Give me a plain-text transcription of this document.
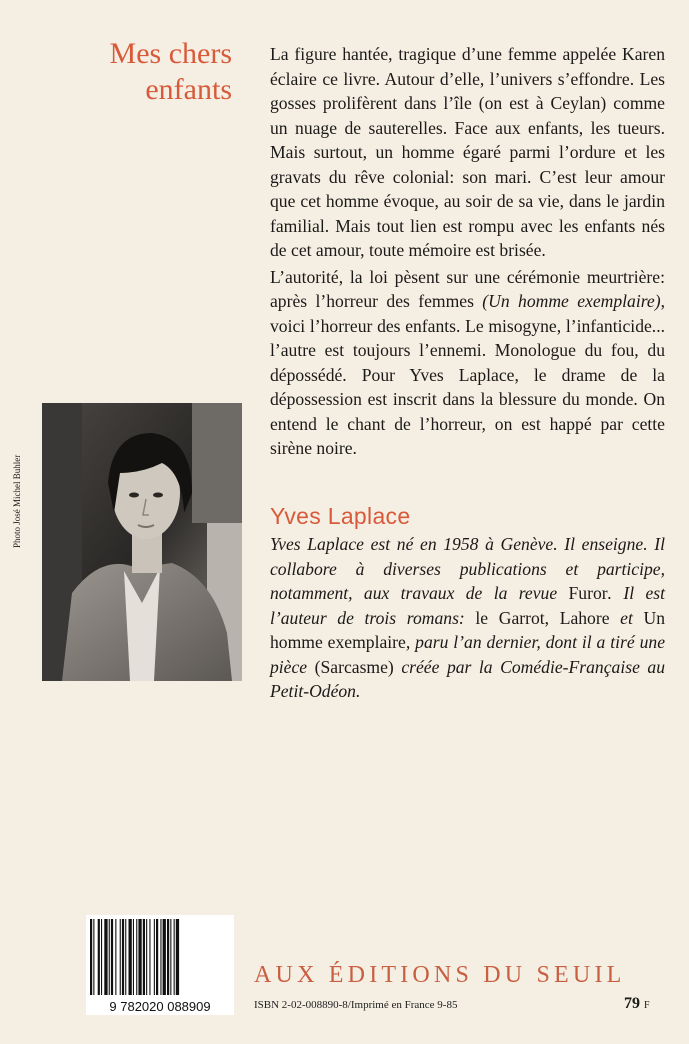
Mes chers
enfants

La figure hantée, tragique d’une femme appelée Karen éclaire ce livre. Autour d’elle, l’univers s’effondre. Les gosses prolifèrent dans l’île (on est à Ceylan) comme un nuage de sauterelles. Face aux enfants, les tueurs. Mais surtout, un homme égaré parmi l’ordure et les gravats du rêve colonial: son mari. C’est leur amour que cet homme évoque, au soir de sa vie, dans le jardin familial. Mais tout lien est rompu avec les enfants nés de cet amour, toute mémoire est brisée.

L’autorité, la loi pèsent sur une cérémonie meurtrière: après l’horreur des femmes (Un homme exemplaire), voici l’horreur des enfants. Le misogyne, l’infanticide... l’autre est toujours l’ennemi. Monologue du fou, du dépossédé. Pour Yves Laplace, le drame de la dépossession est inscrit dans la blessure du monde. On entend le chant de l’horreur, on est happé par cette sirène noire.

Photo José Michel Buhler	Yves Laplace

Yves Laplace est né en 1958 à Genève. Il enseigne. Il collabore à diverses publications et participe, notamment, aux travaux de la revue Furor. Il est l’auteur de trois romans: le Garrot, Lahore et Un homme exemplaire, paru l’an dernier, dont il a tiré une pièce (Sarcasme) créée par la Comédie-Française au Petit-Odéon.

9 782020 088909
AUX ÉDITIONS DU SEUIL
ISBN 2-02-008890-8/Imprimé en France 9-85	79 F
